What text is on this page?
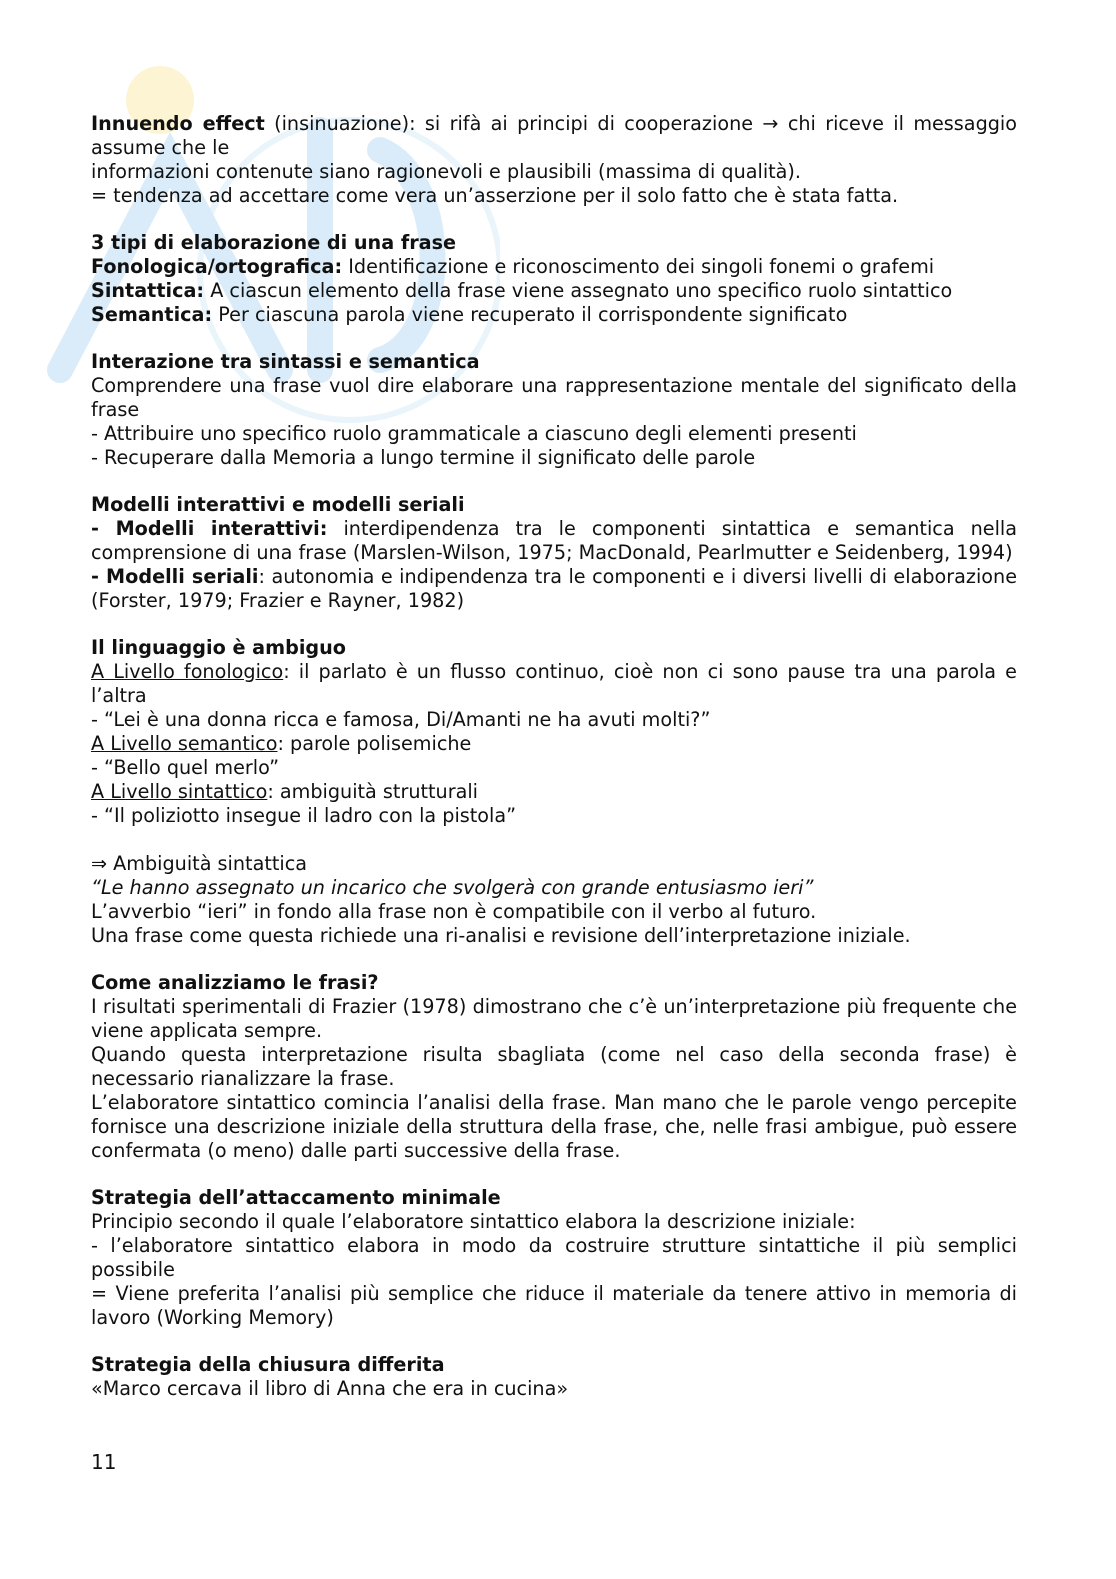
Innuendo effect (insinuazione): si rifà ai principi di cooperazione → chi riceve il messaggio assume che le

informazioni contenute siano ragionevoli e plausibili (massima di qualità).

= tendenza ad accettare come vera un’asserzione per il solo fatto che è stata fatta.

3 tipi di elaborazione di una frase

Fonologica/ortografica: Identificazione e riconoscimento dei singoli fonemi o grafemi

Sintattica: A ciascun elemento della frase viene assegnato uno specifico ruolo sintattico

Semantica: Per ciascuna parola viene recuperato il corrispondente significato

Interazione tra sintassi e semantica

Comprendere una frase vuol dire elaborare una rappresentazione mentale del significato della frase

- Attribuire uno specifico ruolo grammaticale a ciascuno degli elementi presenti

- Recuperare dalla Memoria a lungo termine il significato delle parole

Modelli interattivi e modelli seriali

- Modelli interattivi: interdipendenza tra le componenti sintattica e semantica nella comprensione di una frase (Marslen-Wilson, 1975; MacDonald, Pearlmutter e Seidenberg, 1994)

- Modelli seriali: autonomia e indipendenza tra le componenti e i diversi livelli di elaborazione (Forster, 1979; Frazier e Rayner, 1982)

Il linguaggio è ambiguo

A Livello fonologico: il parlato è un flusso continuo, cioè non ci sono pause tra una parola e l’altra

- “Lei è una donna ricca e famosa, Di/Amanti ne ha avuti molti?”

A Livello semantico: parole polisemiche

- “Bello quel merlo”

A Livello sintattico: ambiguità strutturali

- “Il poliziotto insegue il ladro con la pistola”

⇒ Ambiguità sintattica

“Le hanno assegnato un incarico che svolgerà con grande entusiasmo ieri”

L’avverbio “ieri” in fondo alla frase non è compatibile con il verbo al futuro.

Una frase come questa richiede una ri-analisi e revisione dell’interpretazione iniziale.

Come analizziamo le frasi?

I risultati sperimentali di Frazier (1978) dimostrano che c’è un’interpretazione più frequente che viene applicata sempre.

Quando questa interpretazione risulta sbagliata (come nel caso della seconda frase) è necessario rianalizzare la frase.

L’elaboratore sintattico comincia l’analisi della frase. Man mano che le parole vengo percepite fornisce una descrizione iniziale della struttura della frase, che, nelle frasi ambigue, può essere confermata (o meno) dalle parti successive della frase.

Strategia dell’attaccamento minimale

Principio secondo il quale l’elaboratore sintattico elabora la descrizione iniziale:

- l’elaboratore sintattico elabora in modo da costruire strutture sintattiche il più semplici possibile

= Viene preferita l’analisi più semplice che riduce il materiale da tenere attivo in memoria di lavoro (Working Memory)

Strategia della chiusura differita

«Marco cercava il libro di Anna che era in cucina»

11
